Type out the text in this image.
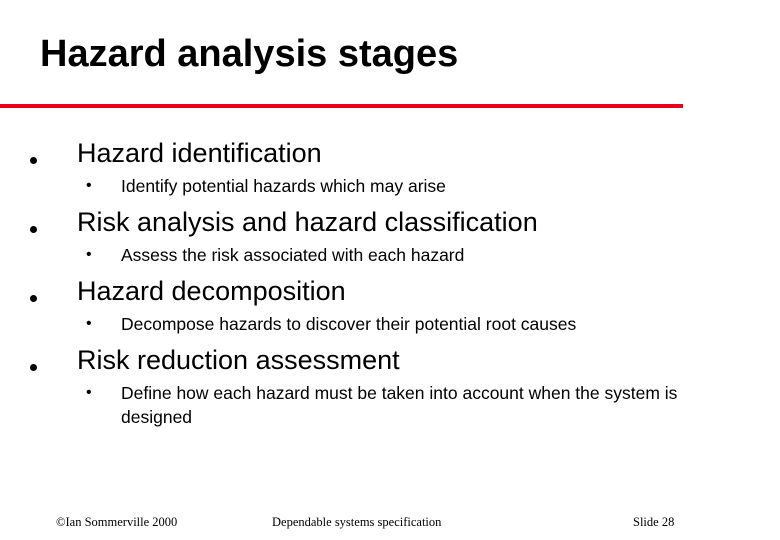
Hazard analysis stages
Hazard identification
• Identify potential hazards which may arise
Risk analysis and hazard classification
• Assess the risk associated with each hazard
Hazard decomposition
• Decompose hazards to discover their potential root causes
Risk reduction assessment
• Define how each hazard must be taken into account when the system is designed
©Ian Sommerville 2000	Dependable systems specification	Slide 28
